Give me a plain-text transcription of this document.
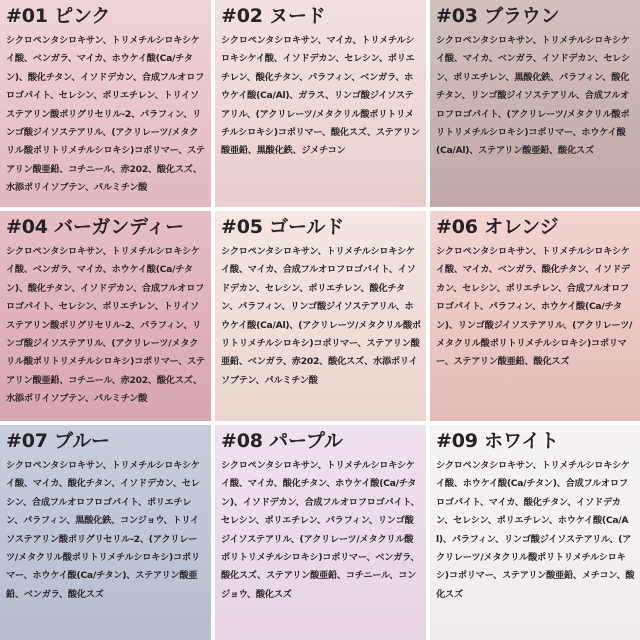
#01 ピンク

シクロペンタシロキサン、トリメチルシロキシケイ酸、ベンガラ、マイカ、ホウケイ酸(Ca/チタン)、酸化チタン、イソドデカン、合成フルオロフロゴパイト、セレシン、ポリエチレン、トリイソステアリン酸ポリグリセリル-2、パラフィン、リンゴ酸ジイソステアリル、(アクリレーツ/メタクリル酸ポリトリメチルシロキシ)コポリマー、ステアリン酸亜鉛、コチニール、赤202、酸化スズ、水添ポリイソブテン、パルミチン酸

#02 ヌード

シクロペンタシロキサン、マイカ、トリメチルシロキシケイ酸、イソドデカン、セレシン、ポリエチレン、酸化チタン、パラフィン、ベンガラ、ホウケイ酸(Ca/Al)、ガラス、リンゴ酸ジイソステアリル、(アクリレーツ/メタクリル酸ポリトリメチルシロキシ)コポリマー、酸化スズ、ステアリン酸亜鉛、黒酸化鉄、ジメチコン

#03 ブラウン

シクロペンタシロキサン、トリメチルシロキシケイ酸、マイカ、ベンガラ、イソドデカン、セレシン、ポリエチレン、黒酸化鉄、パラフィン、酸化チタン、リンゴ酸ジイソステアリル、合成フルオロフロゴパイト、(アクリレーツ/メタクリル酸ポリトリメチルシロキシ)コポリマー、ホウケイ酸(Ca/Al)、ステアリン酸亜鉛、酸化スズ

#04 バーガンディー

シクロペンタシロキサン、トリメチルシロキシケイ酸、ベンガラ、マイカ、ホウケイ酸(Ca/チタン)、酸化チタン、イソドデカン、合成フルオロフロゴパイト、セレシン、ポリエチレン、トリイソステアリン酸ポリグリセリル-2、パラフィン、リンゴ酸ジイソステアリル、(アクリレーツ/メタクリル酸ポリトリメチルシロキシ)コポリマー、ステアリン酸亜鉛、コチニール、赤202、酸化スズ、水添ポリイソブテン、パルミチン酸

#05 ゴールド

シクロペンタシロキサン、トリメチルシロキシケイ酸、マイカ、合成フルオロフロゴパイト、イソドデカン、セレシン、ポリエチレン、酸化チタン、パラフィン、リンゴ酸ジイソステアリル、ホウケイ酸(Ca/Al)、(アクリレーツ/メタクリル酸ポリトリメチルシロキシ)コポリマー、ステアリン酸亜鉛、ベンガラ、赤202、酸化スズ、水添ポリイソブテン、パルミチン酸

#06 オレンジ

シクロペンタシロキサン、トリメチルシロキシケイ酸、マイカ、ベンガラ、酸化チタン、イソドデカン、セレシン、ポリエチレン、合成フルオロフロゴパイト、パラフィン、ホウケイ酸(Ca/チタン)、リンゴ酸ジイソステアリル、(アクリレーツ/メタクリル酸ポリトリメチルシロキシ)コポリマー、ステアリン酸亜鉛、酸化スズ

#07 ブルー

シクロペンタシロキサン、トリメチルシロキシケイ酸、マイカ、酸化チタン、イソドデカン、セレシン、合成フルオロフロゴパイト、ポリエチレン、パラフィン、黒酸化鉄、コンジョウ、トリイソステアリン酸ポリグリセリル-2、(アクリレーツ/メタクリル酸ポリトリメチルシロキシ)コポリマー、ホウケイ酸(Ca/チタン)、ステアリン酸亜鉛、ベンガラ、酸化スズ

#08 パープル

シクロペンタシロキサン、トリメチルシロキシケイ酸、マイカ、酸化チタン、ホウケイ酸(Ca/チタン)、イソドデカン、合成フルオロフロゴパイト、セレシン、ポリエチレン、パラフィン、リンゴ酸ジイソステアリル、(アクリレーツ/メタクリル酸ポリトリメチルシロキシ)コポリマー、ベンガラ、酸化スズ、ステアリン酸亜鉛、コチニール、コンジョウ、酸化スズ

#09 ホワイト

シクロペンタシロキサン、トリメチルシロキシケイ酸、ホウケイ酸(Ca/チタン)、合成フルオロフロゴパイト、マイカ、酸化チタン、イソドデカン、セレシン、ポリエチレン、ホウケイ酸(Ca/Al)、パラフィン、リンゴ酸ジイソステアリル、(アクリレーツ/メタクリル酸ポリトリメチルシロキシ)コポリマー、ステアリン酸亜鉛、メチコン、酸化スズ
